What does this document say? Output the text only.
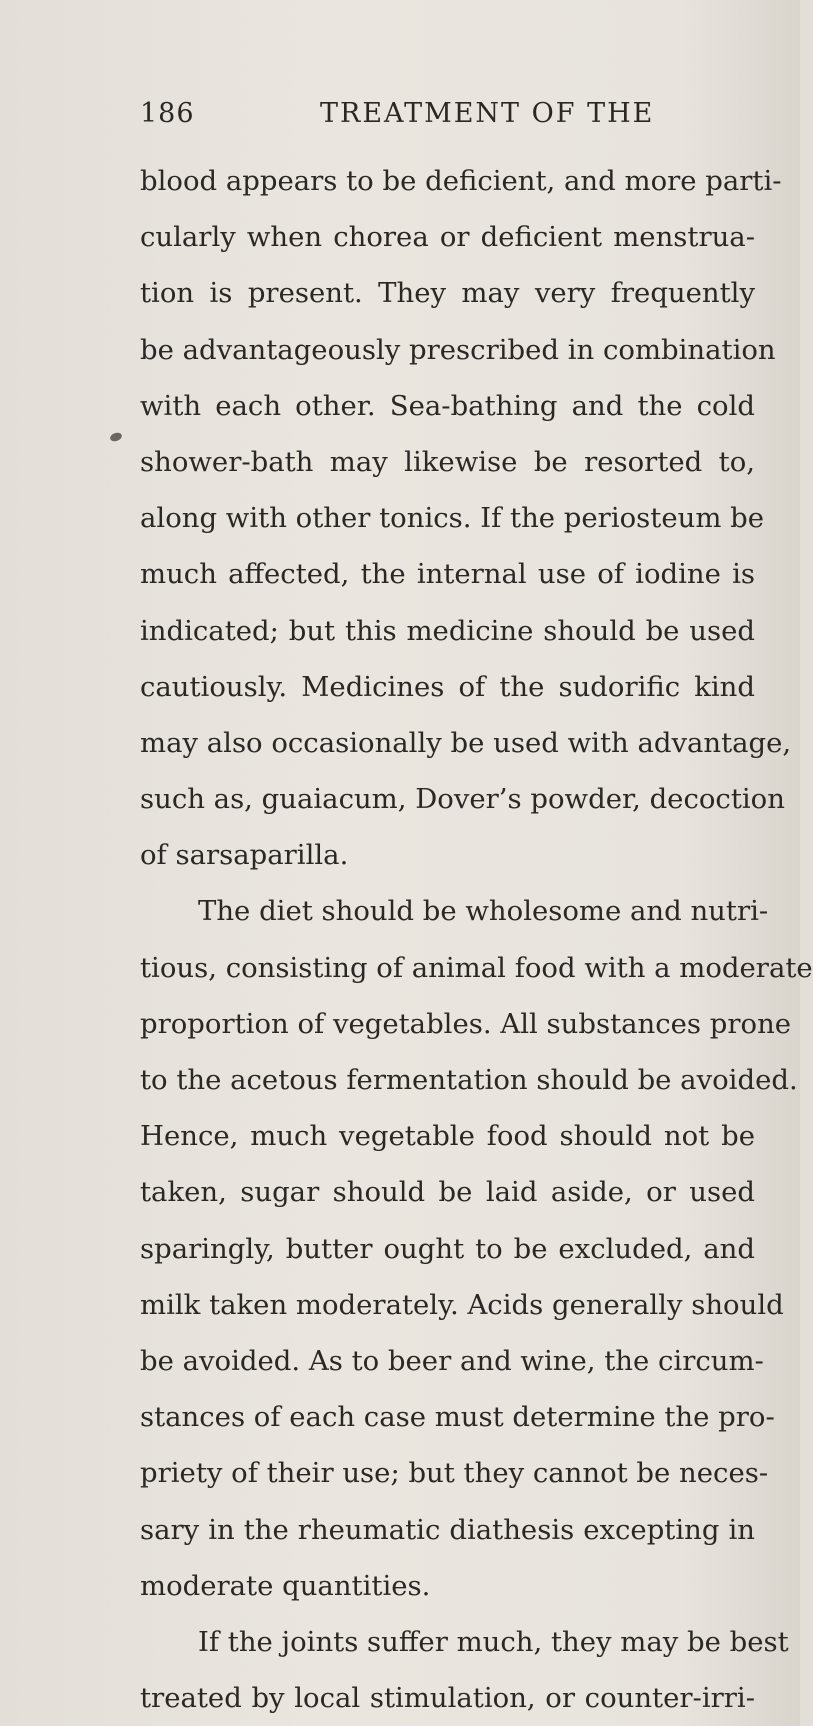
186	TREATMENT OF THE
blood appears to be deficient, and more parti-
cularly when chorea or deficient menstrua-
tion is present. They may very frequently
be advantageously prescribed in combination
with each other. Sea-bathing and the cold
shower-bath may likewise be resorted to,
along with other tonics. If the periosteum be
much affected, the internal use of iodine is
indicated; but this medicine should be used
cautiously. Medicines of the sudorific kind
may also occasionally be used with advantage,
such as, guaiacum, Dover’s powder, decoction
of sarsaparilla.
The diet should be wholesome and nutri-
tious, consisting of animal food with a moderate
proportion of vegetables. All substances prone
to the acetous fermentation should be avoided.
Hence, much vegetable food should not be
taken, sugar should be laid aside, or used
sparingly, butter ought to be excluded, and
milk taken moderately. Acids generally should
be avoided. As to beer and wine, the circum-
stances of each case must determine the pro-
priety of their use; but they cannot be neces-
sary in the rheumatic diathesis excepting in
moderate quantities.
If the joints suffer much, they may be best
treated by local stimulation, or counter-irri-
